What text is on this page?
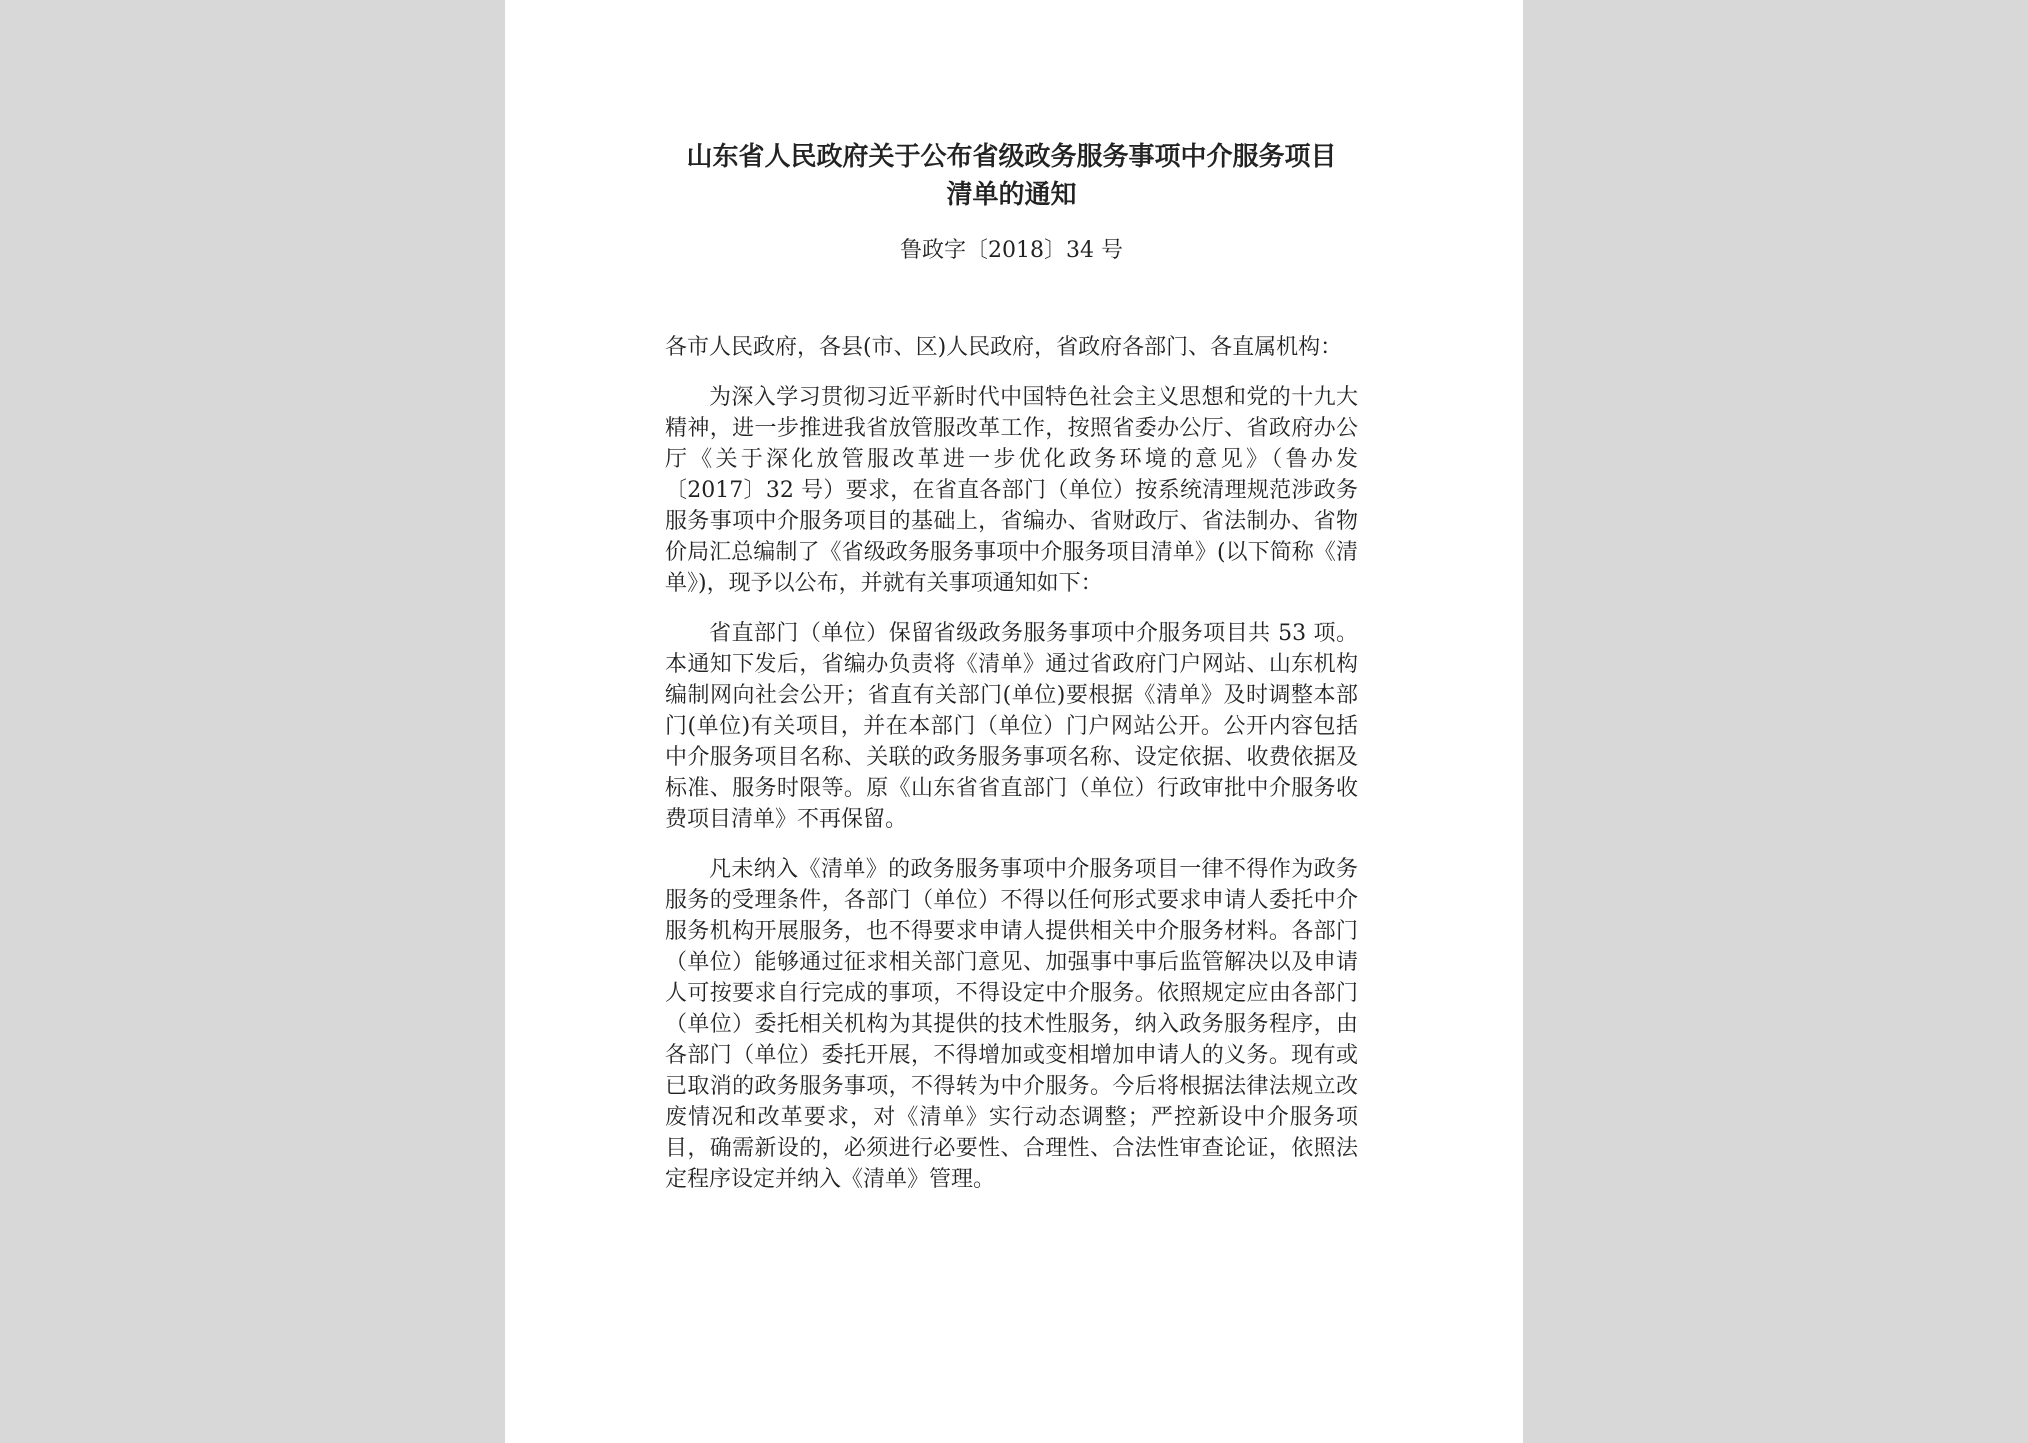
山东省人民政府关于公布省级政务服务事项中介服务项目
清单的通知
鲁政字〔2018〕34 号
各市人民政府，各县(市、区)人民政府，省政府各部门、各直属机构：
为深入学习贯彻习近平新时代中国特色社会主义思想和党的十九大精神，进一步推进我省放管服改革工作，按照省委办公厅、省政府办公厅《关于深化放管服改革进一步优化政务环境的意见》（鲁办发〔2017〕32 号）要求，在省直各部门（单位）按系统清理规范涉政务服务事项中介服务项目的基础上，省编办、省财政厅、省法制办、省物价局汇总编制了《省级政务服务事项中介服务项目清单》(以下简称《清单》)，现予以公布，并就有关事项通知如下：
省直部门（单位）保留省级政务服务事项中介服务项目共 53 项。本通知下发后，省编办负责将《清单》通过省政府门户网站、山东机构编制网向社会公开；省直有关部门(单位)要根据《清单》及时调整本部门(单位)有关项目，并在本部门（单位）门户网站公开。公开内容包括中介服务项目名称、关联的政务服务事项名称、设定依据、收费依据及标准、服务时限等。原《山东省省直部门（单位）行政审批中介服务收费项目清单》不再保留。
凡未纳入《清单》的政务服务事项中介服务项目一律不得作为政务服务的受理条件，各部门（单位）不得以任何形式要求申请人委托中介服务机构开展服务，也不得要求申请人提供相关中介服务材料。各部门（单位）能够通过征求相关部门意见、加强事中事后监管解决以及申请人可按要求自行完成的事项，不得设定中介服务。依照规定应由各部门（单位）委托相关机构为其提供的技术性服务，纳入政务服务程序，由各部门（单位）委托开展，不得增加或变相增加申请人的义务。现有或已取消的政务服务事项，不得转为中介服务。今后将根据法律法规立改废情况和改革要求，对《清单》实行动态调整；严控新设中介服务项目，确需新设的，必须进行必要性、合理性、合法性审查论证，依照法定程序设定并纳入《清单》管理。
